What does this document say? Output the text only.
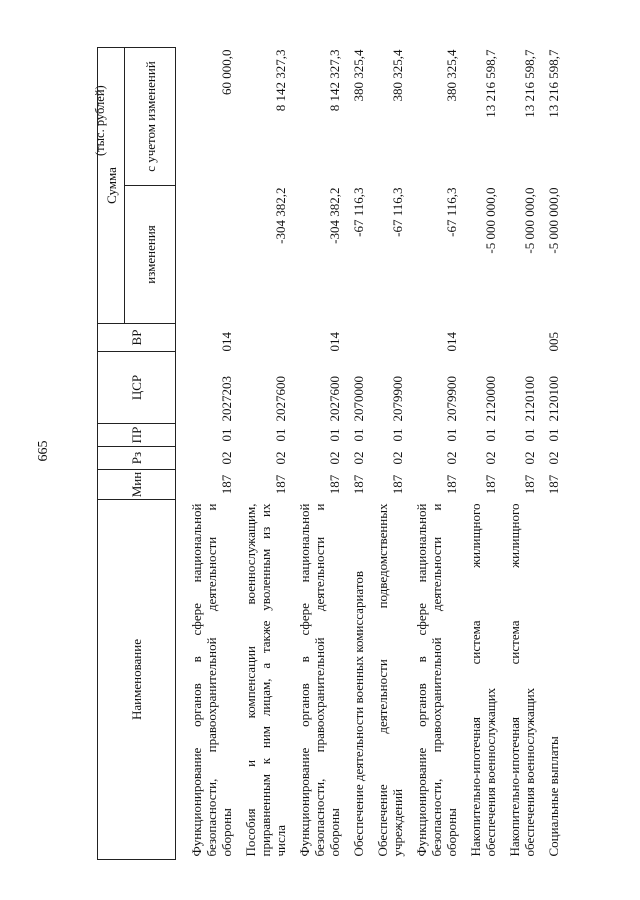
665
(тыс. рублей)
Наименование	Мин	Рз	ПР	ЦСР	ВР	Сумма	
						изменения	с учетом изменений

Функционирование органов в сфере национальной безопасности, правоохранительной деятельности и обороны	187	02	01	2027203	014		60 000,0

Пособия и компенсации военнослужащим, приравненным к ним лицам, а также уволенным из их числа	187	02	01	2027600		-304 382,2	8 142 327,3

Функционирование органов в сфере национальной безопасности, правоохранительной деятельности и обороны	187	02	01	2027600	014	-304 382,2	8 142 327,3

Обеспечение деятельности военных комиссариатов	187	02	01	2070000		-67 116,3	380 325,4

Обеспечение деятельности подведомственных учреждений	187	02	01	2079900		-67 116,3	380 325,4

Функционирование органов в сфере национальной безопасности, правоохранительной деятельности и обороны	187	02	01	2079900	014	-67 116,3	380 325,4

Накопительно-ипотечная система жилищного обеспечения военнослужащих	187	02	01	2120000		-5 000 000,0	13 216 598,7

Накопительно-ипотечная система жилищного обеспечения военнослужащих	187	02	01	2120100		-5 000 000,0	13 216 598,7

Социальные выплаты	187	02	01	2120100	005	-5 000 000,0	13 216 598,7
